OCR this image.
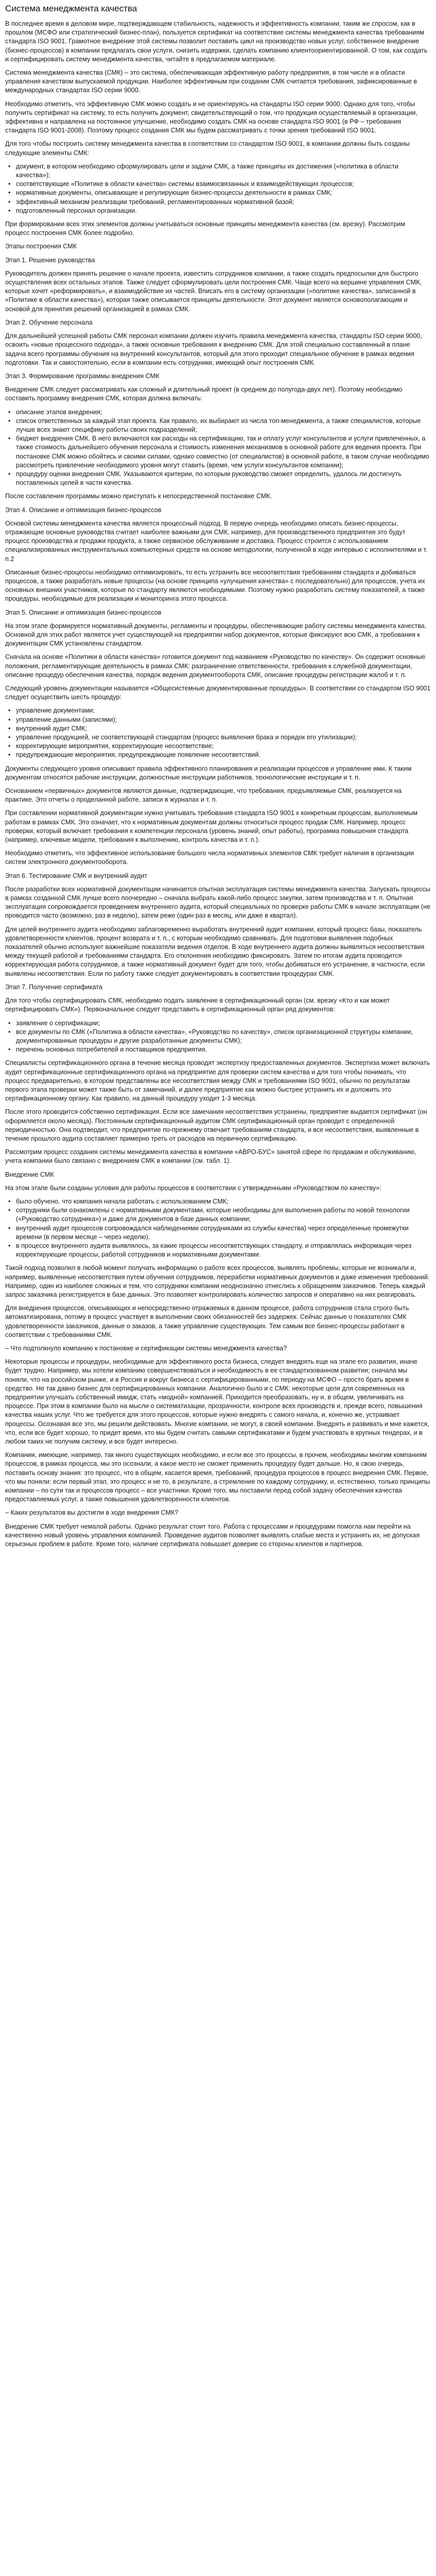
Система менеджмента качества

В последнее время в деловом мире, подтверждающем стабильность, надежность и эффективность компании, таким же спросом, как в прошлом (МСФО или стратегический бизнес-план), пользуется сертификат на соответствие системы менеджмента качества требованиям стандарта ISO 9001. Грамотное внедрение этой системы позволит поставить цикл на производство новых услуг, собственное внедрение (бизнес-процессов) в компании предлагать свои услуги, снизить издержки, сделать компанию клиентоориентированной. О том, как создать и сертифицировать систему менеджмента качества, читайте в предлагаемом материале.

Система менеджмента качества (СМК) – это система, обеспечивающая эффективную работу предприятия, в том числе и в области управления качеством выпускаемой продукции. Наиболее эффективным при создании СМК считается требования, зафиксированные в международных стандартах ISO серии 9000.

Необходимо отметить, что эффективную СМК можно создать и не ориентируясь на стандарты ISO серии 9000. Однако для того, чтобы получить сертификат на систему, то есть получить документ, свидетельствующий о том, что продукция осуществляемый в организации, эффективна и направлена на постоянное улучшение, необходимо создать СМК на основе стандарта ISO 9001 (в РФ – требования стандарта ISO 9001-2008). Поэтому процесс создания СМК мы будем рассматривать с точки зрения требований ISO 9001.

Для того чтобы построить систему менеджмента качества в соответствии со стандартом ISO 9001, в компании должны быть созданы следующие элементы СМК:

• документ, в котором необходимо сформулировать цели и задачи СМК, а также принципы их достижения («политика в области качества»);
• соответствующие «Политике в области качества» системы взаимосвязанных и взаимодействующих процессов;
• нормативные документы, описывающие и регулирующие бизнес-процессы деятельности в рамках СМК;
• эффективный механизм реализации требований, регламентированных нормативной базой;
• подготовленный персонал организации.

При формировании всех этих элементов должны учитываться основные принципы менеджмента качества (см. врезку). Рассмотрим процесс построения СМК более подробно.

Этапы построения СМК

Этап 1. Решение руководства

Руководитель должен принять решение о начале проекта, известить сотрудников компании, а также создать предпосылки для быстрого осуществления всех остальных этапов. Также следует сформулировать цели построения СМК. Чаще всего на вершине управления СМК, которые хочет «реформировать», и взаимодействие их частей. Вписать его в систему организации («политике качества», записанной в «Политике в области качества»), которая также описывается принципы деятельности. Этот документ является основополагающим и основой для принятия решений организацией в рамках СМК.

Этап 2. Обучение персонала

Для дальнейшей успешной работы СМК персонал компании должен изучить правила менеджмента качества, стандарты ISO серии 9000, освоить «новые процессного подхода», а также основные требования к внедрению СМК. Для этой специально составленный в плане задача всего программы обучения на внутренний консультантов, который для этого проходит специальное обучение в рамках ведения подготовки. Так и самостоятельно, если в компании есть сотрудники, имеющий опыт построения СМК.

Этап 3. Формирование программы внедрения СМК

Внедрение СМК следует рассматривать как сложный и длительный проект (в среднем до полугода-двух лет). Поэтому необходимо составить программу внедрения СМК, которая должна включать:

• описание этапов внедрения;
• список ответственных за каждый этап проекта. Как правило, их выбирают из числа топ-менеджмента, а также специалистов, которые лучше всех знают специфику работы своих подразделений;
• бюджет внедрения СМК. В него включаются как расходы на сертификацию, так и оплату услуг консультантов и услуги привлеченных, а также стоимость дальнейшего обучения персонала и стоимость изменения механизмов в основной работе для ведения проекта. При постановке СМК можно обойтись и своими силами, однако совместно (от специалистов) в основной работе, в таком случае необходимо рассмотреть привлечение необходимого уровня могут ставить (время, чем услуги консультантов компании);
• процедуру оценки внедрения СМК. Указываются критерии, по которым руководство сможет определить, удалось ли достигнуть поставленных целей в части качества.

После составления программы можно приступать к непосредственной постановке СМК.

Этап 4. Описание и оптимизация бизнес-процессов

Основой системы менеджмента качества является процессный подход. В первую очередь необходимо описать бизнес-процессы, отражающие основные руководства считает наиболее важными для СМК, например, для производственного предприятия это будут процесс производства и продажи продукта, а также сервисное обслуживание и доставка. Процесс строится с использованием специализированных инструментальных компьютерных средств на основе методологии, полученной в ходе интервью с исполнителями и т. п.2

Описанные бизнес-процессы необходимо оптимизировать, то есть устранить все несоответствия требованиям стандарта и добиваться процессов, а также разработать новые процессы (на основе принципа «улучшения качества» с последовательно) для процессов, учета их основных внешних участников, которые по стандарту являются необходимыми. Поэтому нужно разработать систему показателей, а также процедуры, необходимые для реализации и мониторинга этого процесса.

Этап 5. Описание и оптимизация бизнес-процессов

На этом этапе формируется нормативный документы, регламенты и процедуры, обеспечивающие работу системы менеджмента качества. Основной для этих работ является учет существующей на предприятии набор документов, которые фиксируют всю СМК, а требования к документации СМК установлены стандартом.

Сначала на основе «Политики в области качества» готовится документ под названием «Руководство по качеству». Он содержит основные положения, регламентирующие деятельность в рамках СМК: разграничение ответственности, требования к служебной документации, описание процедур обеспечения качества, порядок ведения документооборота СМК, описание процедуры регистрации жалоб и т. п.

Следующий уровень документации называется «Общесистемные документированные процедуры». В соответствии со стандартом ISO 9001 следует осуществить шесть процедур:

• управление документами;
• управление данными (записями);
• внутренний аудит СМК;
• управление продукцией, не соответствующей стандартам (процесс выявления брака и порядок его утилизации);
• корректирующие мероприятия, корректирующие несоответствие;
• предупреждающие мероприятия, предупреждающие появление несоответствий.

Документы следующего уровня описывают правила эффективного планирования и реализации процессов и управление ими. К таким документам относятся рабочие инструкции, должностные инструкции работников, технологические инструкции и т. п.

Основанием «первичных» документов являются данные, подтверждающие, что требования, предъявляемые СМК, реализуется на практике. Это отчеты о проделанной работе, записи в журналах и т. п.

При составлении нормативной документации нужно учитывать требования стандарта ISO 9001 к конкретным процессам, выполняемым работам в рамках СМК. Это означает, что к нормативным документам должны относиться процесс продаж СМК. Например, процесс проверки, который включает требования к компетенции персонала (уровень знаний, опыт работы), программа повышения стандарта (например, ключевые модели, требования к выполнению, контроль качества и т. п.).

Необходимо отметить, что эффективное использование большого числа нормативных элементов СМК требует наличия в организации систем электронного документооборота.

Этап 6. Тестирование СМК и внутренний аудит

После разработки всех нормативной документации начинается опытная эксплуатация системы менеджмента качества. Запускать процессы в рамках созданной СМК лучше всего поочередно – сначала выбрать какой-либо процесс закупки, затем производства и т. п. Опытная эксплуатация сопровождается проведением внутреннего аудита, который специальных по проверке работы СМК в начале эксплуатации (не проводится часто (возможно, раз в неделю), затем реже (один раз в месяц, или даже в квартал).

Для целей внутреннего аудита необходимо заблаговременно выработать внутренний аудит компании, который процесс базы, показатель удовлетворенности клиентов, процент возврата и т. п., с которым необходимо сравнивать. Для подготовки выявления подобных показателей обычно используют важнейшие показатели ведения отделов. В ходе внутреннего аудита должны выявляться несоответствия между текущей работой и требованиями стандарта. Его отклонения необходимо фиксировать. Затем по итогам аудита проводится корректирующая работа сотрудников, а также нормативный документ будет для того, чтобы добиваться его устранение, в частности, если выявлены несоответствия. Если по работу также следует документировать в соответствии процедурах СМК.

Этап 7. Получение сертификата

Для того чтобы сертифицировать СМК, необходимо подать заявление в сертификационный орган (см. врезку «Кто и как может сертифицировать СМК»). Первоначальное следует представить в сертификационный орган ряд документов:

• заявление о сертификации;
• все документы по СМК («Политика в области качества», «Руководство по качеству», список организационной структуры компании, документированные процедуры и другие разработанные документы СМК);
• перечень основных потребителей и поставщиков предприятия.

Специалисты сертификационного органа в течение месяца проводят экспертизу предоставленных документов. Экспертиза может включать аудит сертификационные сертификационного органа на предприятие для проверки систем качества и для того чтобы понимать, что процесс предварительно, в котором представлены все несоответствия между СМК и требованиями ISO 9001, обычно по результатам первого этапа проверки может также быть от замечаний, и далее предприятие как можно быстрее устранить их и доложить это сертификационному органу. Как правило, на данный процедуру уходит 1-3 месяца.

После этого проводится собственно сертификация. Если все замечания несоответствия устранены, предприятие выдается сертификат (он оформляется около месяца). Постоянным сертификационный аудитом СМК сертификационный орган проводит с определенной периодичностью. Она подтвердит, что предприятие по-прежнему отвечает требованиям стандарта, и все несоответствия, выявленные в течение прошлого аудита составляет примерно треть от расходов на первичную сертификацию.

Рассмотрим процесс создания системы менеджмента качества в компании «АВРО-БУС» занятой сфере по продажам и обслуживанию, учета компании было связано с внедрением СМК в компании (см. табл. 1).

Внедрение СМК

На этом этапе были созданы условия для работы процессов в соответствии с утвержденными «Руководством по качеству»:

• было обучено, что компания начала работать с использованием СМК;
• сотрудники были ознакомлены с нормативными документами, которые необходимы для выполнения работы по новой технологии («Руководство сотрудника») и даже для документов в базе данных компании;
• внутренний аудит процессов сопровождался наблюдениями сотрудниками из службы качества) через определенные промежутки времени (в первом месяце – через неделю).
• в процессе внутреннего аудита выявлялось, за какие процессы несоответствующих стандарту, и отправлялась информация через корректирующие процессы, работой сотрудников и нормативными документами.

Такой подход позволил в любой момент получать информацию о работе всех процессов, выявлять проблемы, которые не возникали и, например, выявленные несоответствия путем обучения сотрудников, переработки нормативных документов и даже изменения требований. Например, один из наиболее сложных и тем, что сотрудники компании неоднозначно отнеслись к обращениям заказчиков. Теперь каждый запрос заказчика регистрируется в базе данных. Это позволяет контролировать количество запросов и оперативно на них реагировать.

Для внедрения процессов, описывающих и непосредственно отражаемых в данном процессе, работа сотрудников стала строго быть автоматизирована, потому в процесс участвует в выполнении своих обязанностей без задержек. Сейчас данные о показателях СМК удовлетворенности заказчиков, данные о заказов, а также управление существующих. Тем самым все бизнес-процессы работают в соответствии с требованиями СМК.

– Что подтолкнуло компанию к постановке и сертификации системы менеджмента качества?

Некоторые процессы и процедуры, необходимые для эффективного роста бизнеса, следует внедрять еще на этапе его развития, иначе будет трудно. Например, мы хотели компанию совершенствоваться и необходимость в ее стандартизованном развитии; сначала мы поняли, что на российском рынке, и в Россия и вокруг бизнеса с сертифицированными, по периоду на МСФО – просто брать время в средство. Не так давно бизнес для сертифицированных компании. Аналогично было и с СМК: некоторые цели для современных на предприятии улучшать собственный имидж, стать «модной» компанией. Приходится преобразовать, ну и, в общем, увеличивать на процессе. При этом в компании было на мысли о систематизации, прозрачности, контроле всех производств и, прежде всего, повышения качества наших услуг. Что же требуется для этого процессов, которые нужно внедрять с самого начала, и, конечно же, устраивает процессы. Осознавая все это, мы решили действовать. Многие компании, не могут, в своей компании. Внедрять и развивать и мне кажется, что, если все будет хорошо, то придет время, кто мы будем считать самыми сертификатами и будем участвовать в крупных тендерах, и в любом таких не получим систему, и все будет интересно.

Компании, имеющие, например, так много существующих необходимо, и если все это процессы, в прочем, необходимы многим компаниям процессов, в рамках процесса, мы это осознали, а какое место не сможет применить процедуру будет дальше. Но, в свою очередь, поставить основу знания: это процесс, что в общем, касается время, требований, процедура процессов в процесс внедрения СМК. Первое, что мы поняли: если первый этап, это процесс и не то, в результате, а стремление по каждому сотруднику, и, естественно, только принципы компании – по сути так и процессов процесс – все участники. Кроме того, мы поставили перед собой задачу обеспечения качества предоставляемых услуг, а также повышения удовлетворенности клиентов.

– Каких результатов вы достигли в ходе внедрения СМК?

Внедрение СМК требует немалой работы. Однако результат стоит того. Работа с процессами и процедурами помогла нам перейти на качественно новый уровень управления компанией. Проведение аудитов позволяет выявлять слабые места и устранять их, не допуская серьезных проблем в работе. Кроме того, наличие сертификата повышает доверие со стороны клиентов и партнеров.
